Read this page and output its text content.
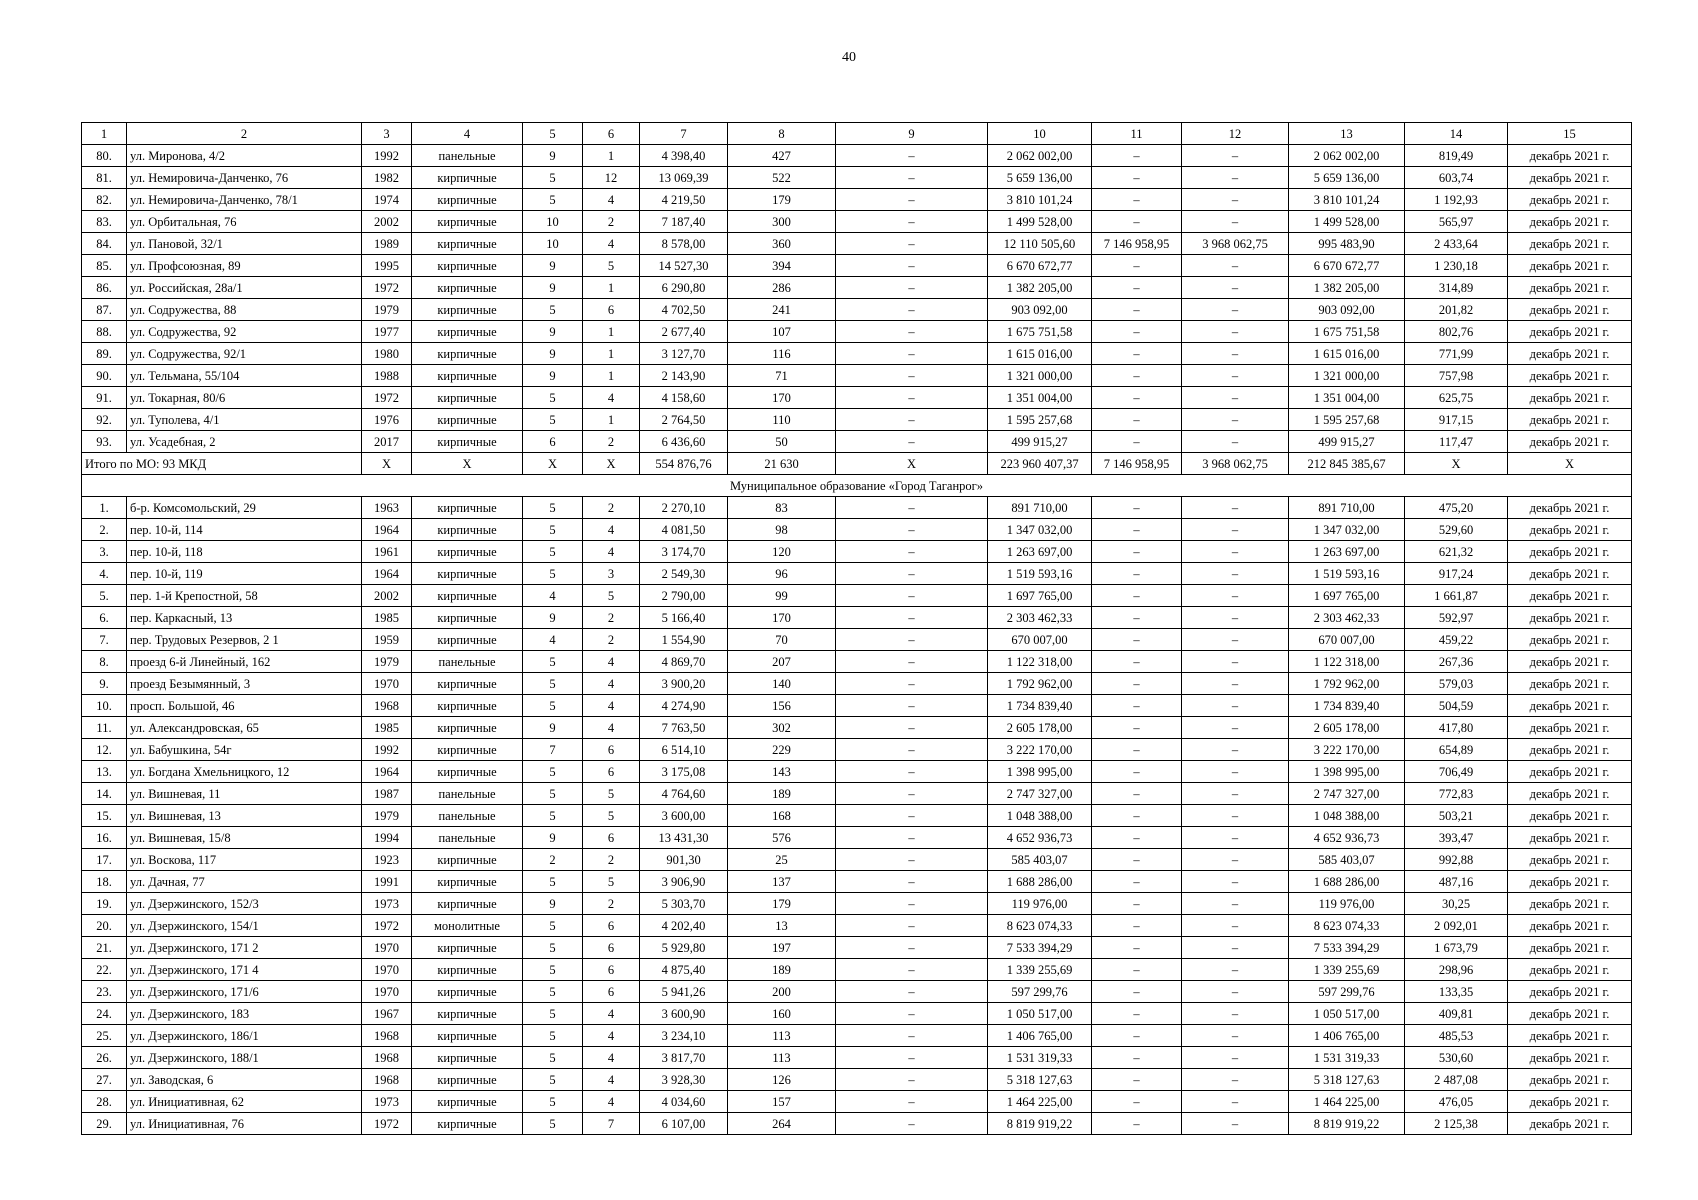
40
1	2	3	4	5	6	7	8	9	10	11	12	13	14	15
80.	ул. Миронова, 4/2	1992	панельные	9	1	4 398,40	427	–	2 062 002,00	–	–	2 062 002,00	819,49	декабрь 2021 г.
81.	ул. Немировича-Данченко, 76	1982	кирпичные	5	12	13 069,39	522	–	5 659 136,00	–	–	5 659 136,00	603,74	декабрь 2021 г.
82.	ул. Немировича-Данченко, 78/1	1974	кирпичные	5	4	4 219,50	179	–	3 810 101,24	–	–	3 810 101,24	1 192,93	декабрь 2021 г.
83.	ул. Орбитальная, 76	2002	кирпичные	10	2	7 187,40	300	–	1 499 528,00	–	–	1 499 528,00	565,97	декабрь 2021 г.
84.	ул. Пановой, 32/1	1989	кирпичные	10	4	8 578,00	360	–	12 110 505,60	7 146 958,95	3 968 062,75	995 483,90	2 433,64	декабрь 2021 г.
85.	ул. Профсоюзная, 89	1995	кирпичные	9	5	14 527,30	394	–	6 670 672,77	–	–	6 670 672,77	1 230,18	декабрь 2021 г.
86.	ул. Российская, 28а/1	1972	кирпичные	9	1	6 290,80	286	–	1 382 205,00	–	–	1 382 205,00	314,89	декабрь 2021 г.
87.	ул. Содружества, 88	1979	кирпичные	5	6	4 702,50	241	–	903 092,00	–	–	903 092,00	201,82	декабрь 2021 г.
88.	ул. Содружества, 92	1977	кирпичные	9	1	2 677,40	107	–	1 675 751,58	–	–	1 675 751,58	802,76	декабрь 2021 г.
89.	ул. Содружества, 92/1	1980	кирпичные	9	1	3 127,70	116	–	1 615 016,00	–	–	1 615 016,00	771,99	декабрь 2021 г.
90.	ул. Тельмана, 55/104	1988	кирпичные	9	1	2 143,90	71	–	1 321 000,00	–	–	1 321 000,00	757,98	декабрь 2021 г.
91.	ул. Токарная, 80/6	1972	кирпичные	5	4	4 158,60	170	–	1 351 004,00	–	–	1 351 004,00	625,75	декабрь 2021 г.
92.	ул. Туполева, 4/1	1976	кирпичные	5	1	2 764,50	110	–	1 595 257,68	–	–	1 595 257,68	917,15	декабрь 2021 г.
93.	ул. Усадебная, 2	2017	кирпичные	6	2	6 436,60	50	–	499 915,27	–	–	499 915,27	117,47	декабрь 2021 г.
Итого по МО: 93 МКД		X	X	X	X	554 876,76	21 630	X	223 960 407,37	7 146 958,95	3 968 062,75	212 845 385,67	X	X
Муниципальное образование «Город Таганрог»														
1.	б-р. Комсомольский, 29	1963	кирпичные	5	2	2 270,10	83	–	891 710,00	–	–	891 710,00	475,20	декабрь 2021 г.
2.	пер. 10-й, 114	1964	кирпичные	5	4	4 081,50	98	–	1 347 032,00	–	–	1 347 032,00	529,60	декабрь 2021 г.
3.	пер. 10-й, 118	1961	кирпичные	5	4	3 174,70	120	–	1 263 697,00	–	–	1 263 697,00	621,32	декабрь 2021 г.
4.	пер. 10-й, 119	1964	кирпичные	5	3	2 549,30	96	–	1 519 593,16	–	–	1 519 593,16	917,24	декабрь 2021 г.
5.	пер. 1-й Крепостной, 58	2002	кирпичные	4	5	2 790,00	99	–	1 697 765,00	–	–	1 697 765,00	1 661,87	декабрь 2021 г.
6.	пер. Каркасный, 13	1985	кирпичные	9	2	5 166,40	170	–	2 303 462,33	–	–	2 303 462,33	592,97	декабрь 2021 г.
7.	пер. Трудовых Резервов, 2 1	1959	кирпичные	4	2	1 554,90	70	–	670 007,00	–	–	670 007,00	459,22	декабрь 2021 г.
8.	проезд 6-й Линейный, 162	1979	панельные	5	4	4 869,70	207	–	1 122 318,00	–	–	1 122 318,00	267,36	декабрь 2021 г.
9.	проезд Безымянный, 3	1970	кирпичные	5	4	3 900,20	140	–	1 792 962,00	–	–	1 792 962,00	579,03	декабрь 2021 г.
10.	просп. Большой, 46	1968	кирпичные	5	4	4 274,90	156	–	1 734 839,40	–	–	1 734 839,40	504,59	декабрь 2021 г.
11.	ул. Александровская, 65	1985	кирпичные	9	4	7 763,50	302	–	2 605 178,00	–	–	2 605 178,00	417,80	декабрь 2021 г.
12.	ул. Бабушкина, 54г	1992	кирпичные	7	6	6 514,10	229	–	3 222 170,00	–	–	3 222 170,00	654,89	декабрь 2021 г.
13.	ул. Богдана Хмельницкого, 12	1964	кирпичные	5	6	3 175,08	143	–	1 398 995,00	–	–	1 398 995,00	706,49	декабрь 2021 г.
14.	ул. Вишневая, 11	1987	панельные	5	5	4 764,60	189	–	2 747 327,00	–	–	2 747 327,00	772,83	декабрь 2021 г.
15.	ул. Вишневая, 13	1979	панельные	5	5	3 600,00	168	–	1 048 388,00	–	–	1 048 388,00	503,21	декабрь 2021 г.
16.	ул. Вишневая, 15/8	1994	панельные	9	6	13 431,30	576	–	4 652 936,73	–	–	4 652 936,73	393,47	декабрь 2021 г.
17.	ул. Воскова, 117	1923	кирпичные	2	2	901,30	25	–	585 403,07	–	–	585 403,07	992,88	декабрь 2021 г.
18.	ул. Дачная, 77	1991	кирпичные	5	5	3 906,90	137	–	1 688 286,00	–	–	1 688 286,00	487,16	декабрь 2021 г.
19.	ул. Дзержинского, 152/3	1973	кирпичные	9	2	5 303,70	179	–	119 976,00	–	–	119 976,00	30,25	декабрь 2021 г.
20.	ул. Дзержинского, 154/1	1972	монолитные	5	6	4 202,40	13	–	8 623 074,33	–	–	8 623 074,33	2 092,01	декабрь 2021 г.
21.	ул. Дзержинского, 171 2	1970	кирпичные	5	6	5 929,80	197	–	7 533 394,29	–	–	7 533 394,29	1 673,79	декабрь 2021 г.
22.	ул. Дзержинского, 171 4	1970	кирпичные	5	6	4 875,40	189	–	1 339 255,69	–	–	1 339 255,69	298,96	декабрь 2021 г.
23.	ул. Дзержинского, 171/6	1970	кирпичные	5	6	5 941,26	200	–	597 299,76	–	–	597 299,76	133,35	декабрь 2021 г.
24.	ул. Дзержинского, 183	1967	кирпичные	5	4	3 600,90	160	–	1 050 517,00	–	–	1 050 517,00	409,81	декабрь 2021 г.
25.	ул. Дзержинского, 186/1	1968	кирпичные	5	4	3 234,10	113	–	1 406 765,00	–	–	1 406 765,00	485,53	декабрь 2021 г.
26.	ул. Дзержинского, 188/1	1968	кирпичные	5	4	3 817,70	113	–	1 531 319,33	–	–	1 531 319,33	530,60	декабрь 2021 г.
27.	ул. Заводская, 6	1968	кирпичные	5	4	3 928,30	126	–	5 318 127,63	–	–	5 318 127,63	2 487,08	декабрь 2021 г.
28.	ул. Инициативная, 62	1973	кирпичные	5	4	4 034,60	157	–	1 464 225,00	–	–	1 464 225,00	476,05	декабрь 2021 г.
29.	ул. Инициативная, 76	1972	кирпичные	5	7	6 107,00	264	–	8 819 919,22	–	–	8 819 919,22	2 125,38	декабрь 2021 г.
